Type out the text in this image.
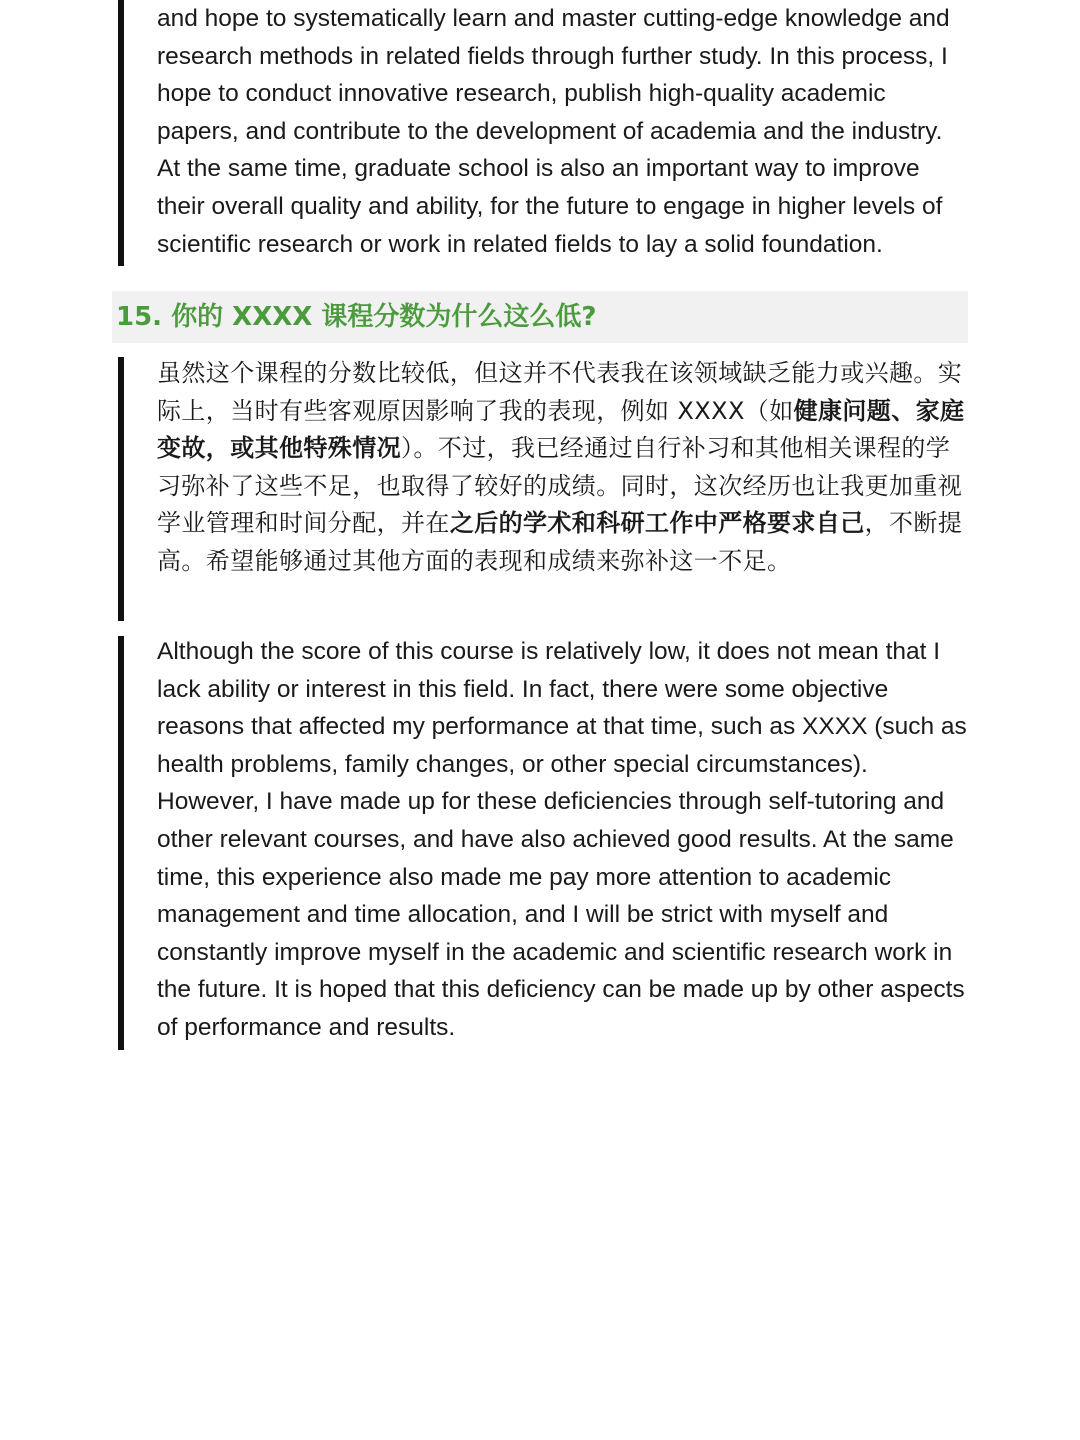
and hope to systematically learn and master cutting-edge knowledge and research methods in related fields through further study. In this process, I hope to conduct innovative research, publish high-quality academic papers, and contribute to the development of academia and the industry. At the same time, graduate school is also an important way to improve their overall quality and ability, for the future to engage in higher levels of scientific research or work in related fields to lay a solid foundation.

15. 你的 XXXX 课程分数为什么这么低?

虽然这个课程的分数比较低，但这并不代表我在该领域缺乏能力或兴趣。实际上，当时有些客观原因影响了我的表现，例如 XXXX（如健康问题、家庭变故，或其他特殊情况）。不过，我已经通过自行补习和其他相关课程的学习弥补了这些不足，也取得了较好的成绩。同时，这次经历也让我更加重视学业管理和时间分配，并在之后的学术和科研工作中严格要求自己，不断提高。希望能够通过其他方面的表现和成绩来弥补这一不足。

Although the score of this course is relatively low, it does not mean that I lack ability or interest in this field. In fact, there were some objective reasons that affected my performance at that time, such as XXXX (such as health problems, family changes, or other special circumstances). However, I have made up for these deficiencies through self-tutoring and other relevant courses, and have also achieved good results. At the same time, this experience also made me pay more attention to academic management and time allocation, and I will be strict with myself and constantly improve myself in the academic and scientific research work in the future. It is hoped that this deficiency can be made up by other aspects of performance and results.
